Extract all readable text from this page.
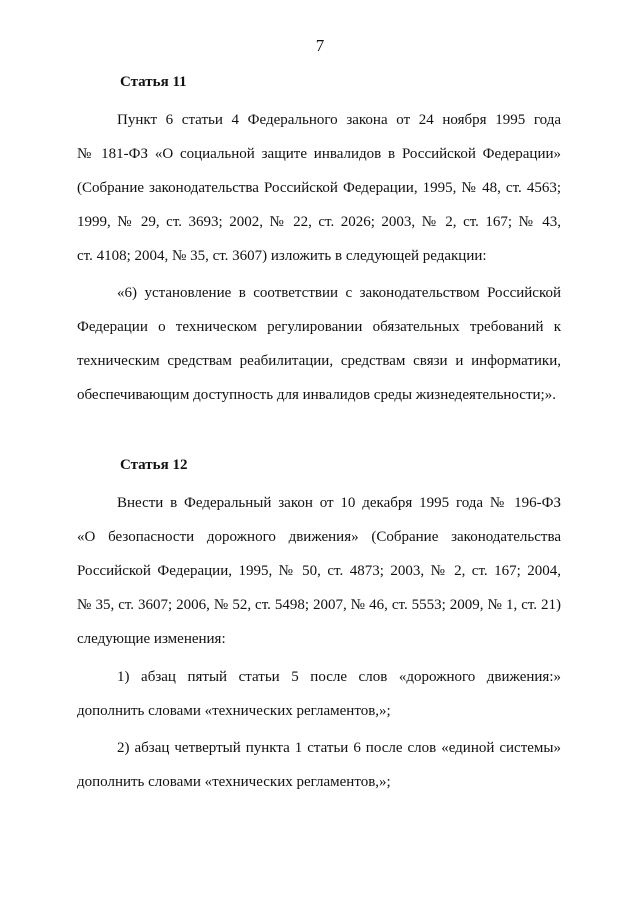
7
Статья 11
Пункт 6 статьи 4 Федерального закона от 24 ноября 1995 года
№ 181-ФЗ «О социальной защите инвалидов в Российской Федерации»
(Собрание законодательства Российской Федерации, 1995, № 48, ст. 4563;
1999, № 29, ст. 3693; 2002, № 22, ст. 2026; 2003, № 2, ст. 167; № 43,
ст. 4108; 2004, № 35, ст. 3607) изложить в следующей редакции:
«6) установление в соответствии с законодательством Российской
Федерации о техническом регулировании обязательных требований к
техническим средствам реабилитации, средствам связи и информатики,
обеспечивающим доступность для инвалидов среды жизнедеятельности;».
Статья 12
Внести в Федеральный закон от 10 декабря 1995 года № 196-ФЗ
«О безопасности дорожного движения» (Собрание законодательства
Российской Федерации, 1995, № 50, ст. 4873; 2003, № 2, ст. 167; 2004,
№ 35, ст. 3607; 2006, № 52, ст. 5498; 2007, № 46, ст. 5553; 2009, № 1, ст. 21)
следующие изменения:
1) абзац пятый статьи 5 после слов «дорожного движения:»
дополнить словами «технических регламентов,»;
2) абзац четвертый пункта 1 статьи 6 после слов «единой системы»
дополнить словами «технических регламентов,»;
